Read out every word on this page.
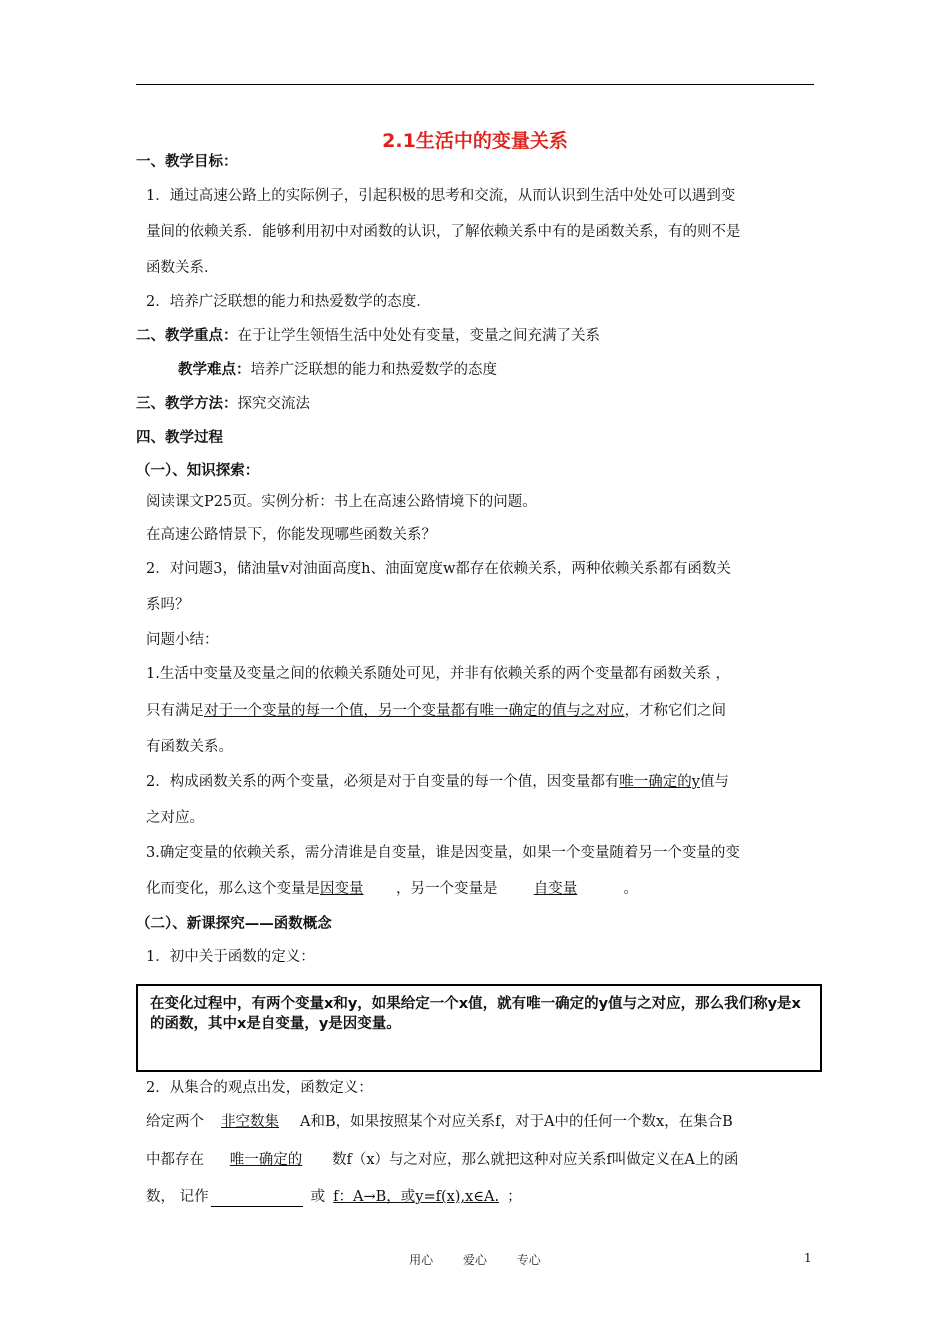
2.1生活中的变量关系
一、教学目标：
1．通过高速公路上的实际例子，引起积极的思考和交流，从而认识到生活中处处可以遇到变
量间的依赖关系．能够利用初中对函数的认识，了解依赖关系中有的是函数关系，有的则不是
函数关系．
2．培养广泛联想的能力和热爱数学的态度．
二、教学重点：在于让学生领悟生活中处处有变量，变量之间充满了关系
教学难点：培养广泛联想的能力和热爱数学的态度
三、教学方法：探究交流法
四、教学过程
（一）、知识探索：
阅读课文P25页。实例分析：书上在高速公路情境下的问题。
在高速公路情景下，你能发现哪些函数关系？
2．对问题3，储油量v对油面高度h、油面宽度w都存在依赖关系，两种依赖关系都有函数关
系吗？
问题小结：
1.生活中变量及变量之间的依赖关系随处可见，并非有依赖关系的两个变量都有函数关系 ，
只有满足对于一个变量的每一个值，另一个变量都有唯一确定的值与之对应，才称它们之间
有函数关系。
2．构成函数关系的两个变量，必须是对于自变量的每一个值，因变量都有唯一确定的y值与
之对应。
3.确定变量的依赖关系，需分清谁是自变量，谁是因变量，如果一个变量随着另一个变量的变
化而变化，那么这个变量是因变量 ，另一个变量是	自变量	。
（二）、新课探究——函数概念
1．初中关于函数的定义：
在变化过程中，有两个变量x和y，如果给定一个x值，就有唯一确定的y值与之对应，那么我们称y是x的函数，其中x是自变量，y是因变量。
2．从集合的观点出发，函数定义：
给定两个 非空数集 A和B，如果按照某个对应关系f，对于A中的任何一个数x，在集合B
中都存在 唯一确定的 数f（x）与之对应，那么就把这种对应关系f叫做定义在A上的函
数， 记作	或 f：A→B，或y=f(x),x∈A. ；
用心 爱心 专心	1
